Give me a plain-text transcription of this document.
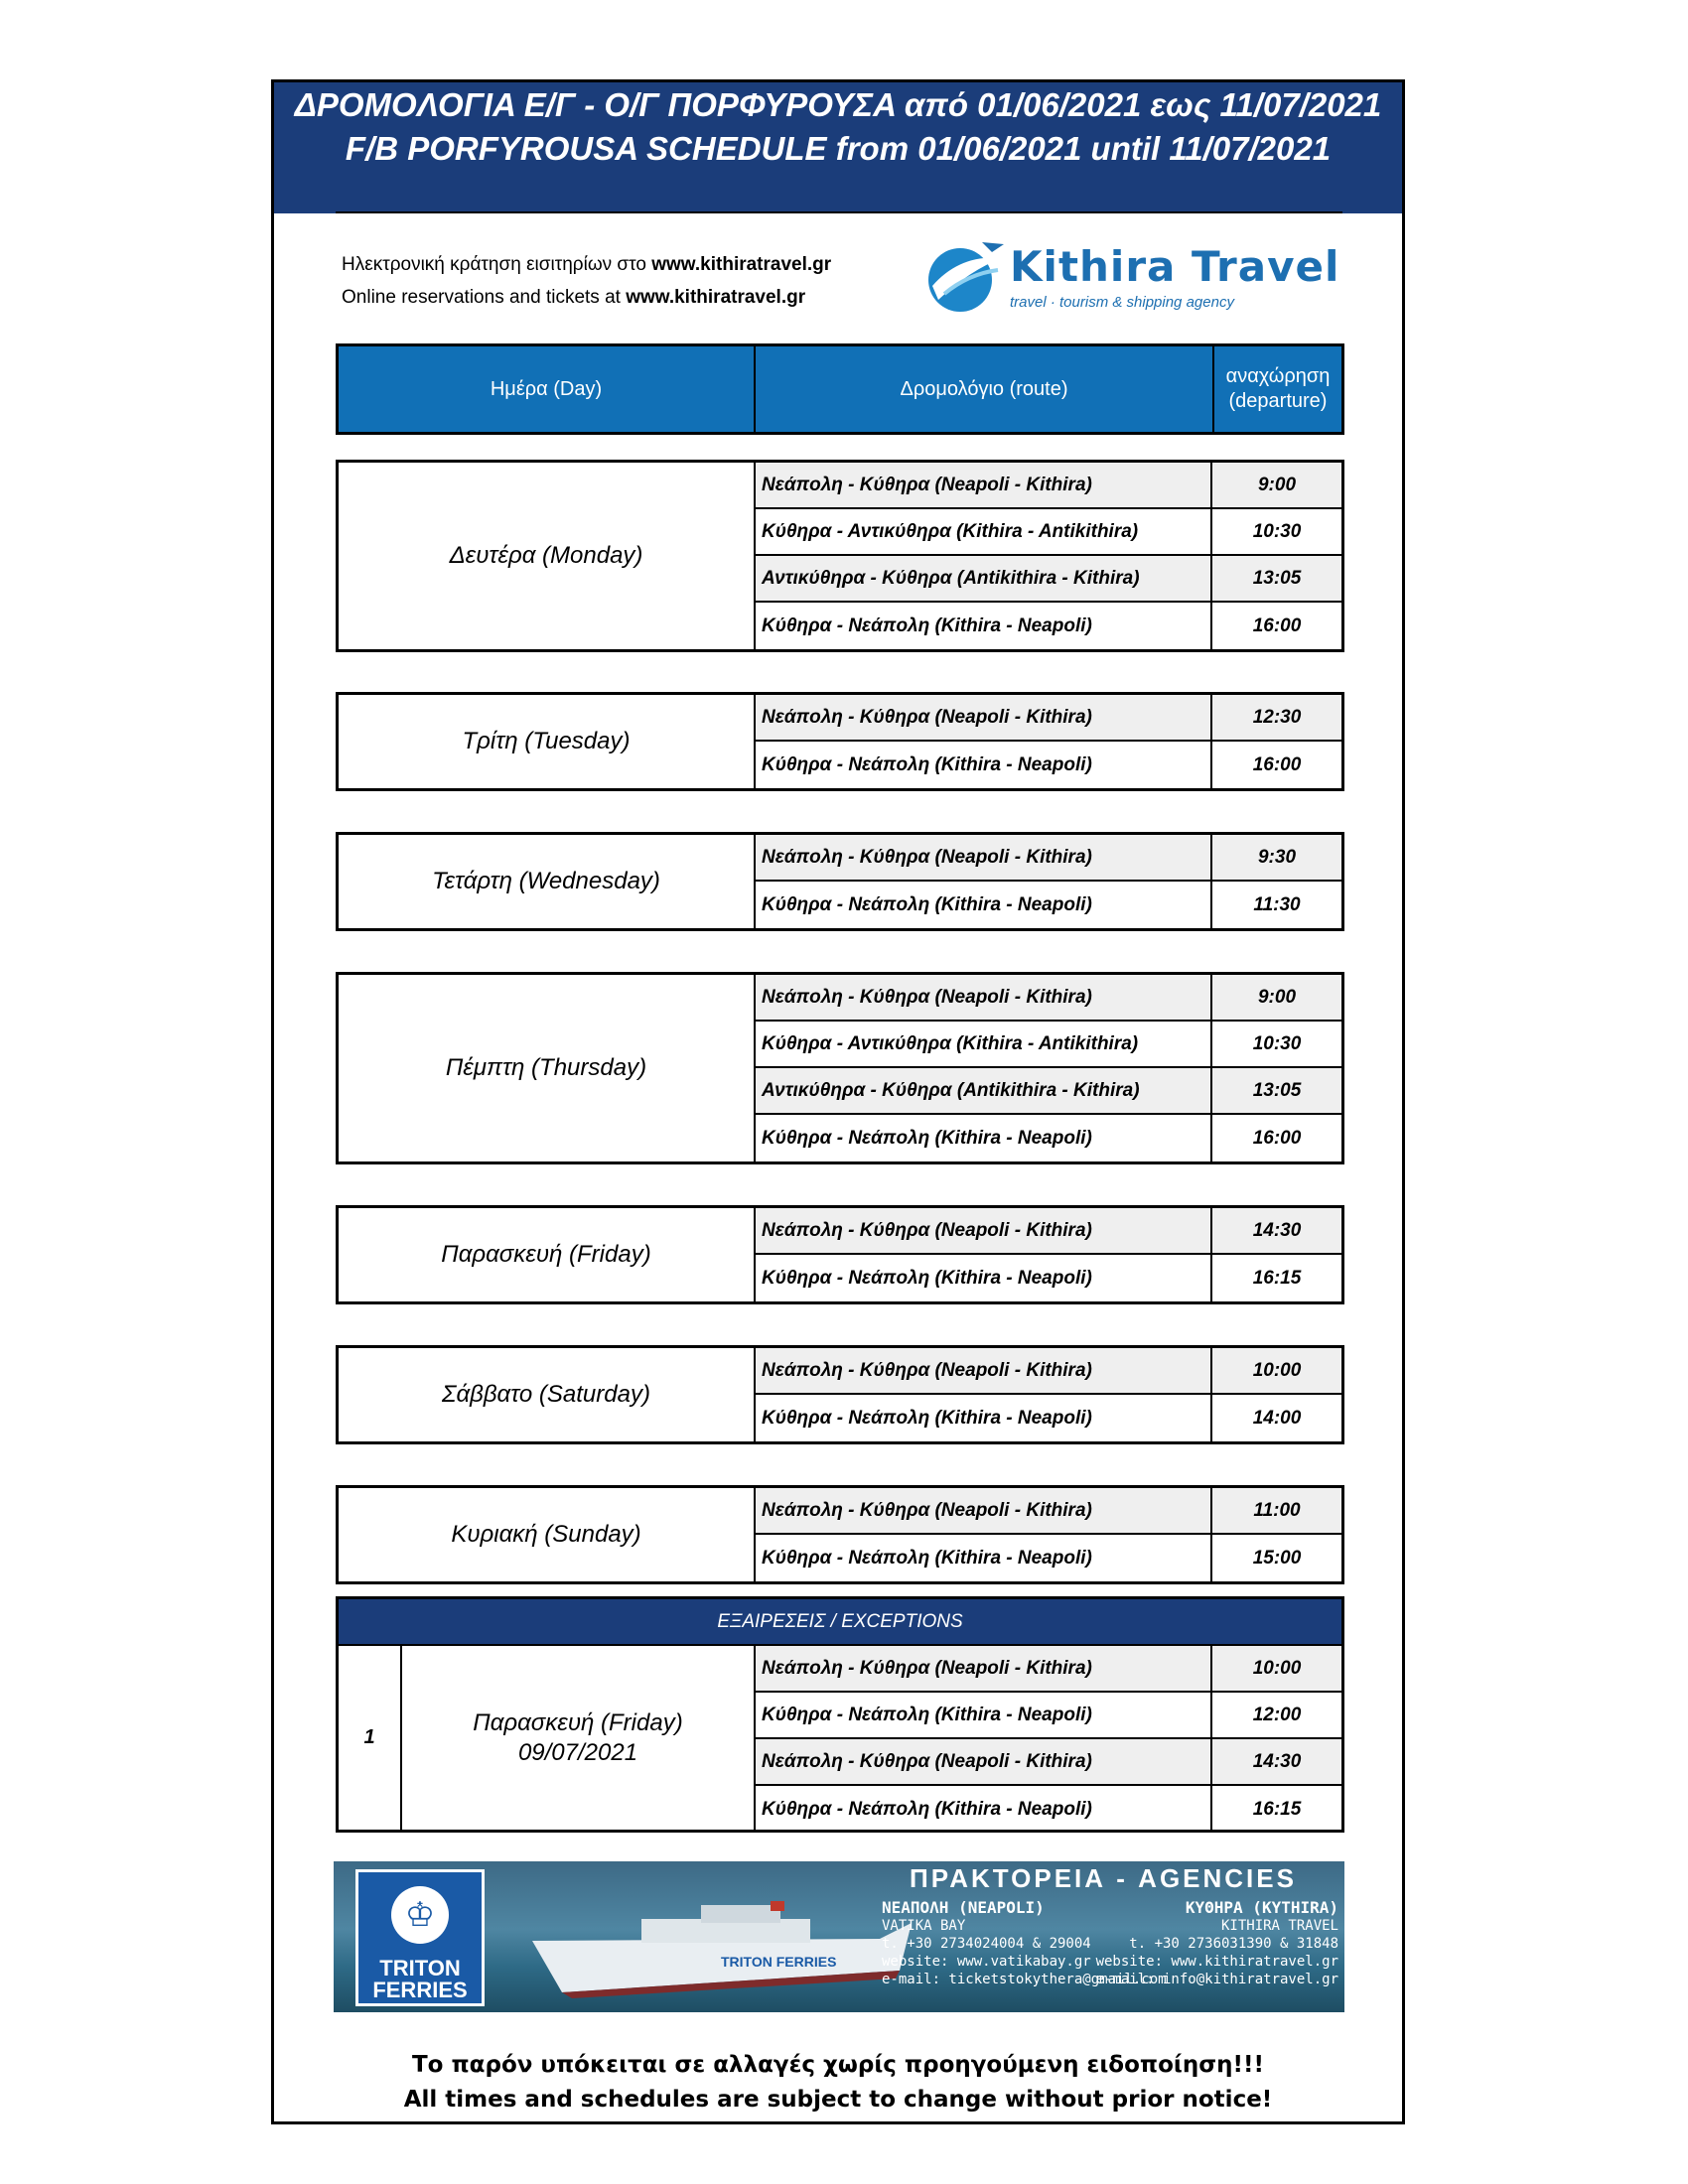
ΔΡΟΜΟΛΟΓΙΑ Ε/Γ - Ο/Γ ΠΟΡΦΥΡΟΥΣΑ από 01/06/2021 εως 11/07/2021
F/B PORFYROUSA SCHEDULE from 01/06/2021 until 11/07/2021
Ηλεκτρονική κράτηση εισιτηρίων στο www.kithiratravel.gr
Online reservations and tickets at www.kithiratravel.gr
Kithira Travel
travel · tourism & shipping agency
Ημέρα (Day)	Δρομολόγιο (route)
αναχώρηση
(departure)
Δευτέρα (Monday)
Νεάπολη - Κύθηρα (Neapoli - Kithira)	9:00
Κύθηρα - Αντικύθηρα (Kithira - Antikithira)	10:30
Αντικύθηρα - Κύθηρα (Antikithira - Kithira)	13:05
Κύθηρα - Νεάπολη (Kithira - Neapoli)	16:00
Τρίτη (Tuesday)
Νεάπολη - Κύθηρα (Neapoli - Kithira)	12:30
Κύθηρα - Νεάπολη (Kithira - Neapoli)	16:00
Τετάρτη (Wednesday)
Νεάπολη - Κύθηρα (Neapoli - Kithira)	9:30
Κύθηρα - Νεάπολη (Kithira - Neapoli)	11:30
Πέμπτη (Thursday)
Νεάπολη - Κύθηρα (Neapoli - Kithira)	9:00
Κύθηρα - Αντικύθηρα (Kithira - Antikithira)	10:30
Αντικύθηρα - Κύθηρα (Antikithira - Kithira)	13:05
Κύθηρα - Νεάπολη (Kithira - Neapoli)	16:00
Παρασκευή (Friday)
Νεάπολη - Κύθηρα (Neapoli - Kithira)	14:30
Κύθηρα - Νεάπολη (Kithira - Neapoli)	16:15
Σάββατο (Saturday)
Νεάπολη - Κύθηρα (Neapoli - Kithira)	10:00
Κύθηρα - Νεάπολη (Kithira - Neapoli)	14:00
Κυριακή (Sunday)
Νεάπολη - Κύθηρα (Neapoli - Kithira)	11:00
Κύθηρα - Νεάπολη (Kithira - Neapoli)	15:00
ΕΞΑΙΡΕΣΕΙΣ / EXCEPTIONS
1
Παρασκευή (Friday)
09/07/2021
Νεάπολη - Κύθηρα (Neapoli - Kithira)	10:00
Κύθηρα - Νεάπολη (Kithira - Neapoli)	12:00
Νεάπολη - Κύθηρα (Neapoli - Kithira)	14:30
Κύθηρα - Νεάπολη (Kithira - Neapoli)	16:15
♔
TRITON
FERRIES
TRITON FERRIES
ΠΡΑΚΤΟΡΕΙΑ - AGENCIES
ΝΕΑΠΟΛΗ (NEAPOLI)
VATIKA BAY
t. +30 2734024004 & 29004
website: www.vatikabay.gr
e-mail: ticketstokythera@gmail.com
ΚΥΘΗΡΑ (KYTHIRA)
KITHIRA TRAVEL
t. +30 2736031390 & 31848
website: www.kithiratravel.gr
e-mail: info@kithiratravel.gr
Το παρόν υπόκειται σε αλλαγές χωρίς προηγούμενη ειδοποίηση!!!
All times and schedules are subject to change without prior notice!
